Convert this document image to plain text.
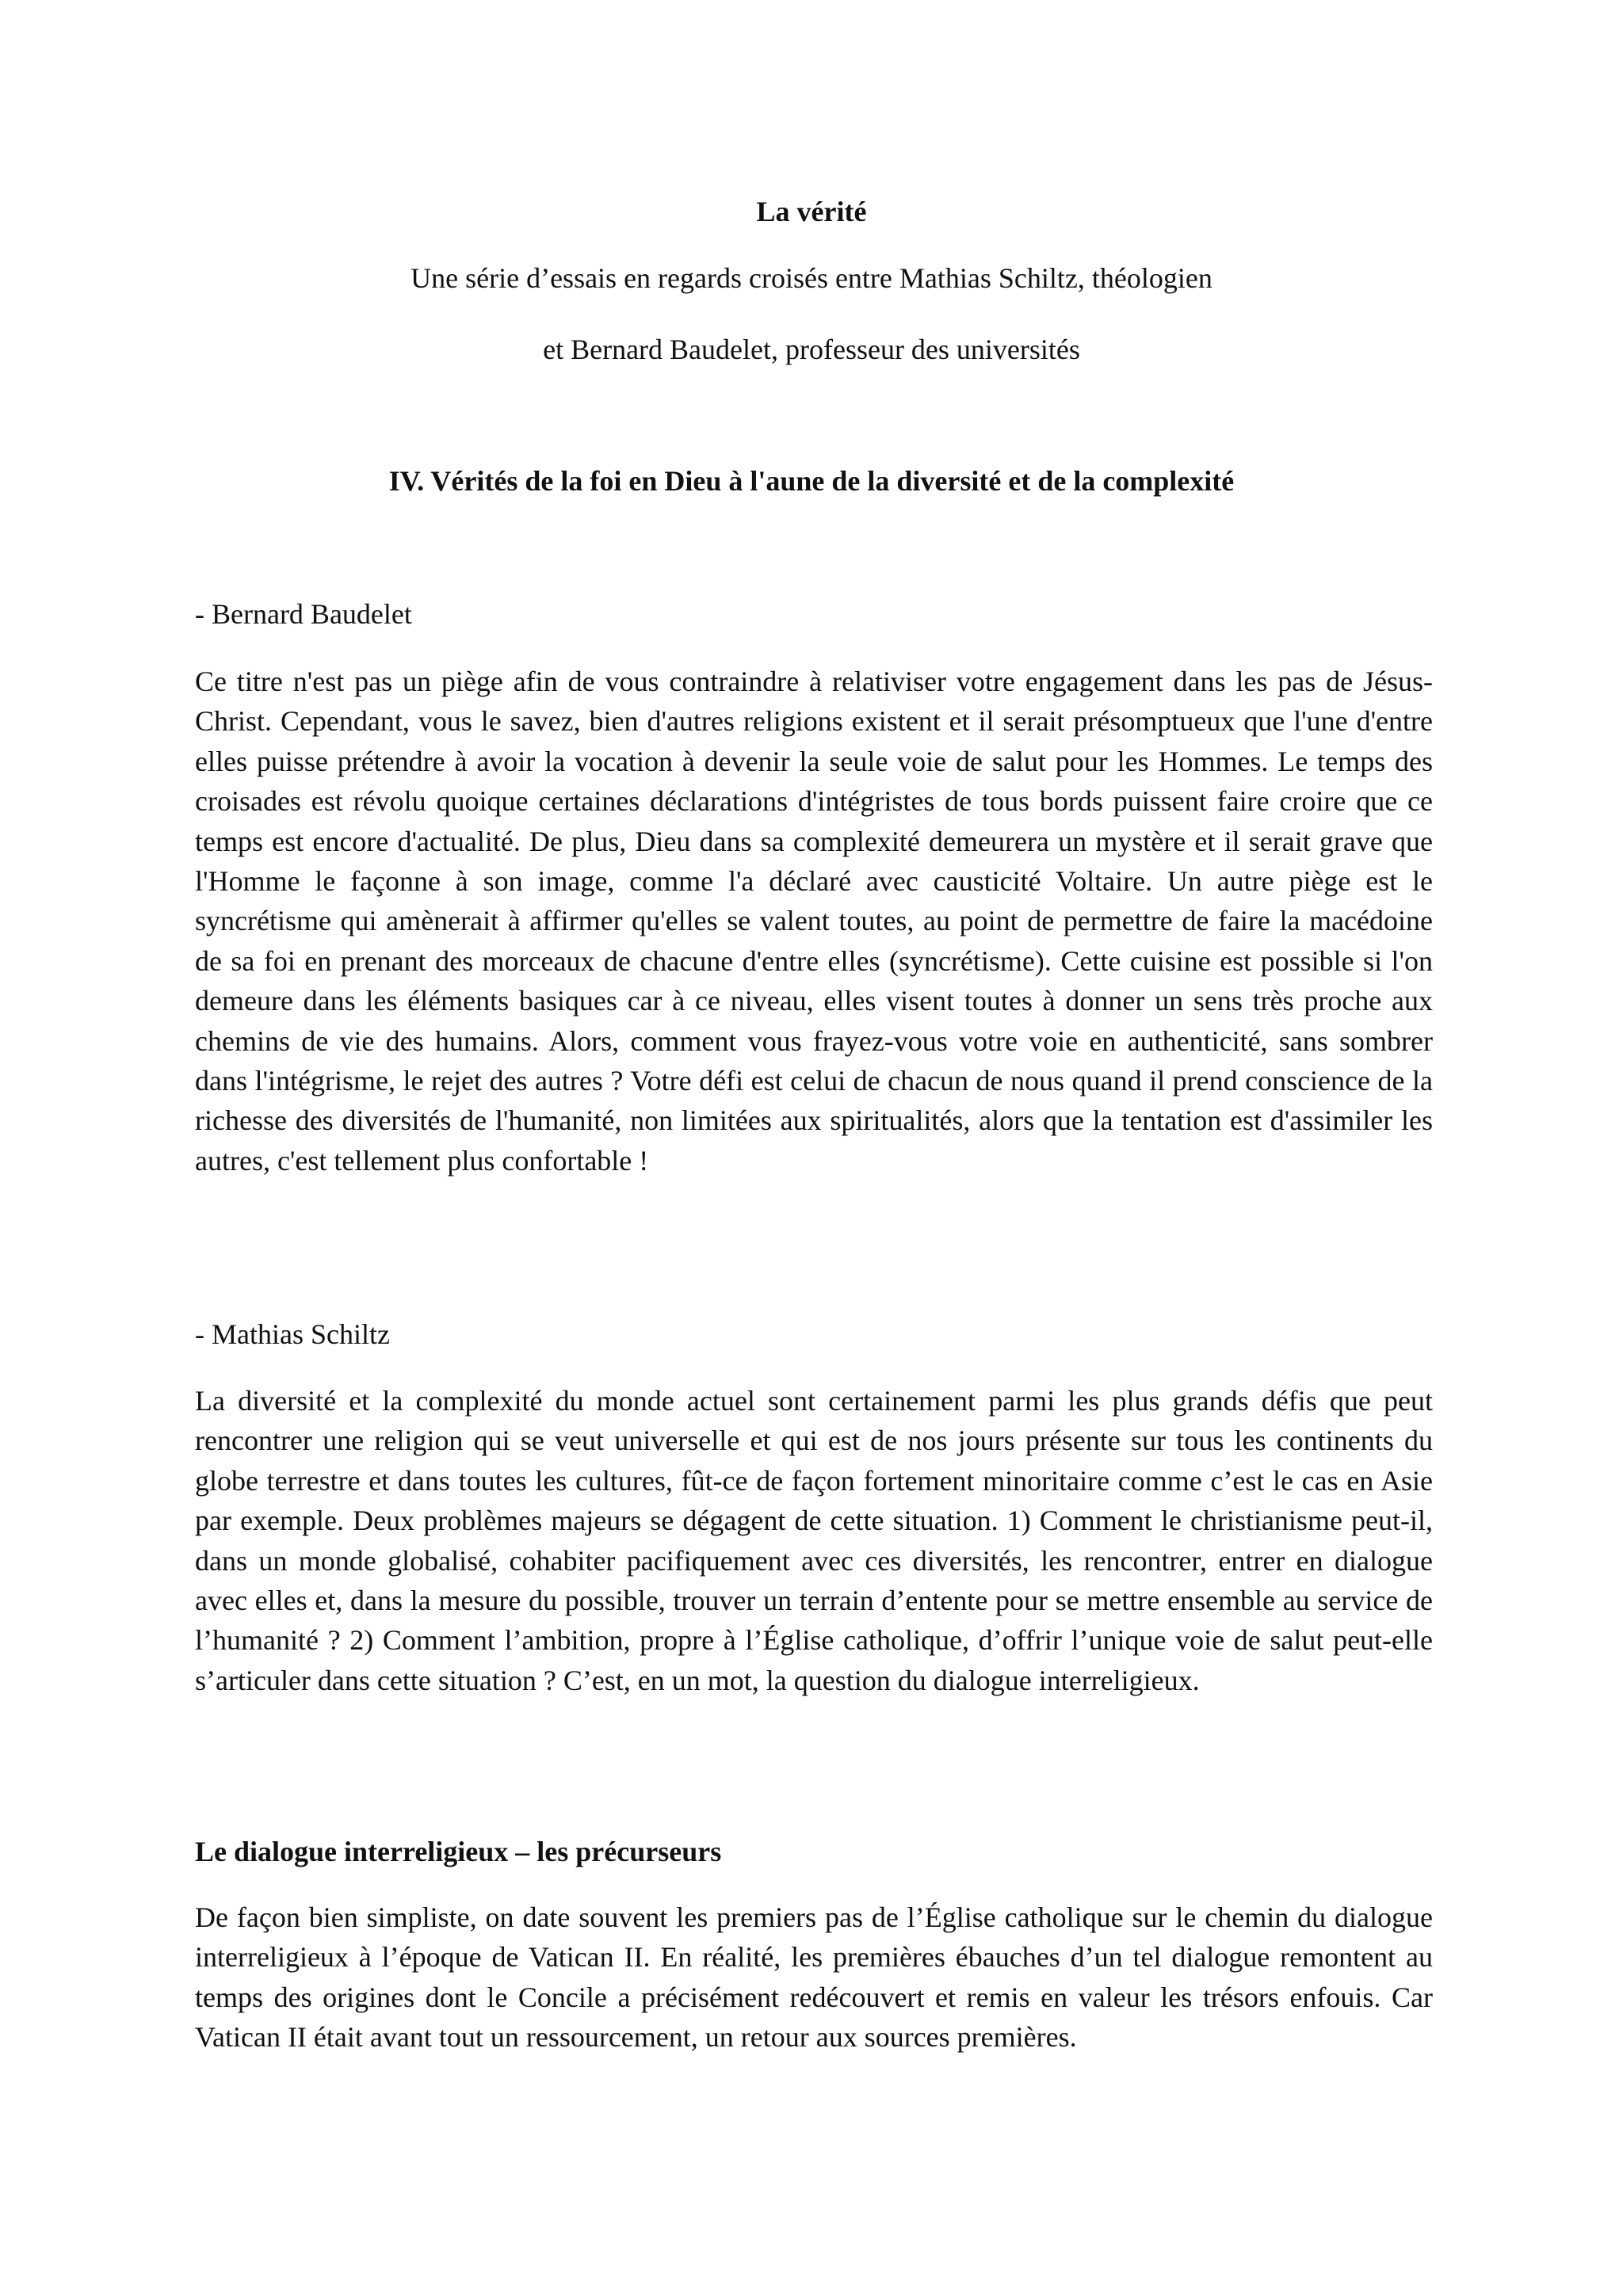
La vérité

Une série d’essais en regards croisés entre Mathias Schiltz, théologien

et Bernard Baudelet, professeur des universités

IV. Vérités de la foi en Dieu à l'aune de la diversité et de la complexité

- Bernard Baudelet

Ce titre n'est pas un piège afin de vous contraindre à relativiser votre engagement dans les pas de Jésus-Christ. Cependant, vous le savez, bien d'autres religions existent et il serait présomptueux que l'une d'entre elles puisse prétendre à avoir la vocation à devenir la seule voie de salut pour les Hommes. Le temps des croisades est révolu quoique certaines déclarations d'intégristes de tous bords puissent faire croire que ce temps est encore d'actualité. De plus, Dieu dans sa complexité demeurera un mystère et il serait grave que l'Homme le façonne à son image, comme l'a déclaré avec causticité Voltaire. Un autre piège est le syncrétisme qui amènerait à affirmer qu'elles se valent toutes, au point de permettre de faire la macédoine de sa foi en prenant des morceaux de chacune d'entre elles (syncrétisme). Cette cuisine est possible si l'on demeure dans les éléments basiques car à ce niveau, elles visent toutes à donner un sens très proche aux chemins de vie des humains. Alors, comment vous frayez-vous votre voie en authenticité, sans sombrer dans l'intégrisme, le rejet des autres ? Votre défi est celui de chacun de nous quand il prend conscience de la richesse des diversités de l'humanité, non limitées aux spiritualités, alors que la tentation est d'assimiler les autres, c'est tellement plus confortable !

- Mathias Schiltz

La diversité et la complexité du monde actuel sont certainement parmi les plus grands défis que peut rencontrer une religion qui se veut universelle et qui est de nos jours présente sur tous les continents du globe terrestre et dans toutes les cultures, fût-ce de façon fortement minoritaire comme c’est le cas en Asie par exemple. Deux problèmes majeurs se dégagent de cette situation. 1) Comment le christianisme peut-il, dans un monde globalisé, cohabiter pacifiquement avec ces diversités, les rencontrer, entrer en dialogue avec elles et, dans la mesure du possible, trouver un terrain d’entente pour se mettre ensemble au service de l’humanité ? 2) Comment l’ambition, propre à l’Église catholique, d’offrir l’unique voie de salut peut-elle s’articuler dans cette situation ? C’est, en un mot, la question du dialogue interreligieux.

Le dialogue interreligieux – les précurseurs

De façon bien simpliste, on date souvent les premiers pas de l’Église catholique sur le chemin du dialogue interreligieux à l’époque de Vatican II. En réalité, les premières ébauches d’un tel dialogue remontent au temps des origines dont le Concile a précisément redécouvert et remis en valeur les trésors enfouis. Car Vatican II était avant tout un ressourcement, un retour aux sources premières.
